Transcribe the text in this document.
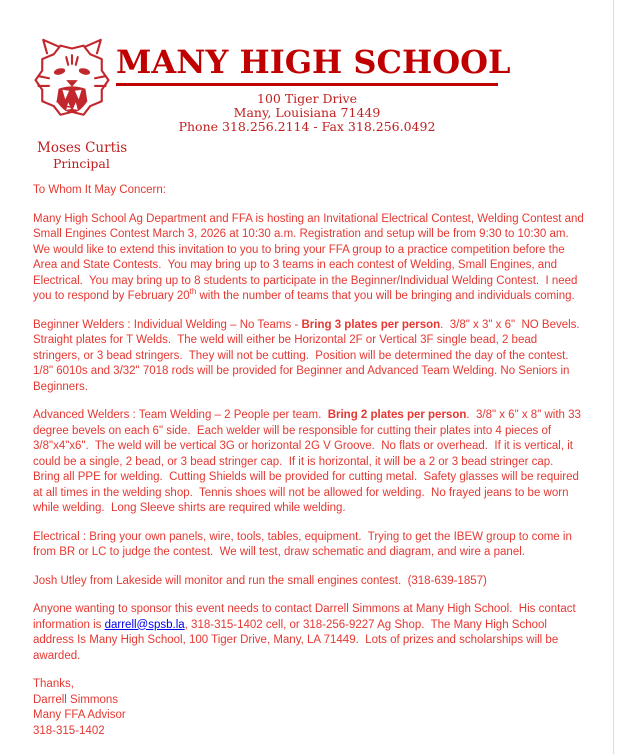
MANY HIGH SCHOOL
100 Tiger Drive
Many, Louisiana 71449
Phone 318.256.2114 - Fax 318.256.0492
Moses Curtis
Principal

To Whom It May Concern:

Many High School Ag Department and FFA is hosting an Invitational Electrical Contest, Welding Contest and Small Engines Contest March 3, 2026 at 10:30 a.m. Registration and setup will be from 9:30 to 10:30 am.  We would like to extend this invitation to you to bring your FFA group to a practice competition before the Area and State Contests.  You may bring up to 3 teams in each contest of Welding, Small Engines, and Electrical.  You may bring up to 8 students to participate in the Beginner/Individual Welding Contest.  I need you to respond by February 20th with the number of teams that you will be bringing and individuals coming.

Beginner Welders : Individual Welding – No Teams - Bring 3 plates per person.  3/8" x 3" x 6"  NO Bevels.  Straight plates for T Welds.  The weld will either be Horizontal 2F or Vertical 3F single bead, 2 bead stringers, or 3 bead stringers.  They will not be cutting.  Position will be determined the day of the contest. 1/8" 6010s and 3/32" 7018 rods will be provided for Beginner and Advanced Team Welding. No Seniors in Beginners.

Advanced Welders : Team Welding – 2 People per team.  Bring 2 plates per person.  3/8" x 6" x 8" with 33 degree bevels on each 6" side.  Each welder will be responsible for cutting their plates into 4 pieces of 3/8"x4"x6".  The weld will be vertical 3G or horizontal 2G V Groove.  No flats or overhead.  If it is vertical, it could be a single, 2 bead, or 3 bead stringer cap.  If it is horizontal, it will be a 2 or 3 bead stringer cap.  Bring all PPE for welding.  Cutting Shields will be provided for cutting metal.  Safety glasses will be required at all times in the welding shop.  Tennis shoes will not be allowed for welding.  No frayed jeans to be worn while welding.  Long Sleeve shirts are required while welding.

Electrical : Bring your own panels, wire, tools, tables, equipment.  Trying to get the IBEW group to come in from BR or LC to judge the contest.  We will test, draw schematic and diagram, and wire a panel.

Josh Utley from Lakeside will monitor and run the small engines contest.  (318-639-1857)

Anyone wanting to sponsor this event needs to contact Darrell Simmons at Many High School.  His contact information is darrell@spsb.la, 318-315-1402 cell, or 318-256-9227 Ag Shop.  The Many High School address Is Many High School, 100 Tiger Drive, Many, LA 71449.  Lots of prizes and scholarships will be awarded.

Thanks,
Darrell Simmons
Many FFA Advisor
318-315-1402
